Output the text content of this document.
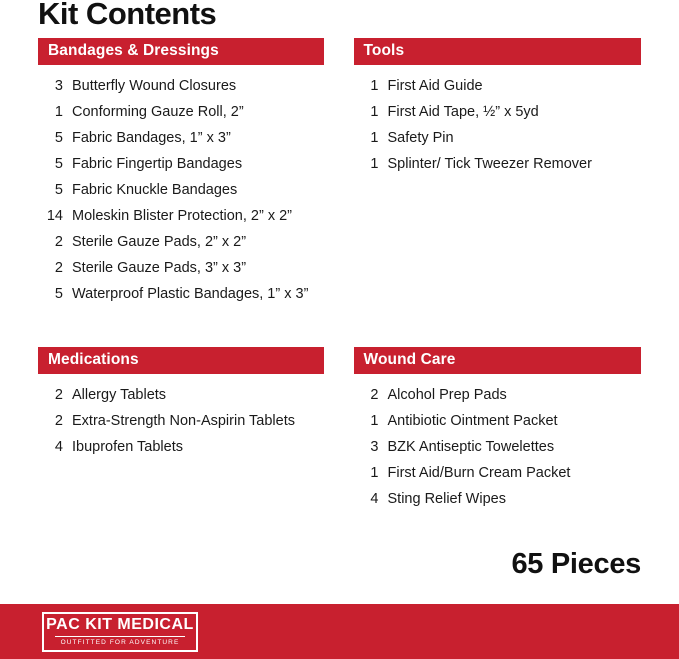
Kit Contents
Bandages & Dressings
3 Butterfly Wound Closures
1 Conforming Gauze Roll, 2”
5 Fabric Bandages, 1” x 3”
5 Fabric Fingertip Bandages
5 Fabric Knuckle Bandages
14 Moleskin Blister Protection, 2” x 2”
2 Sterile Gauze Pads, 2” x 2”
2 Sterile Gauze Pads, 3” x 3”
5 Waterproof Plastic Bandages, 1” x 3”
Medications
2 Allergy Tablets
2 Extra-Strength Non-Aspirin Tablets
4 Ibuprofen Tablets
Tools
1 First Aid Guide
1 First Aid Tape, ½” x 5yd
1 Safety Pin
1 Splinter/ Tick Tweezer Remover
Wound Care
2 Alcohol Prep Pads
1 Antibiotic Ointment Packet
3 BZK Antiseptic Towelettes
1 First Aid/Burn Cream Packet
4 Sting Relief Wipes
65 Pieces
PAC KIT MEDICAL
OUTFITTED FOR ADVENTURE
